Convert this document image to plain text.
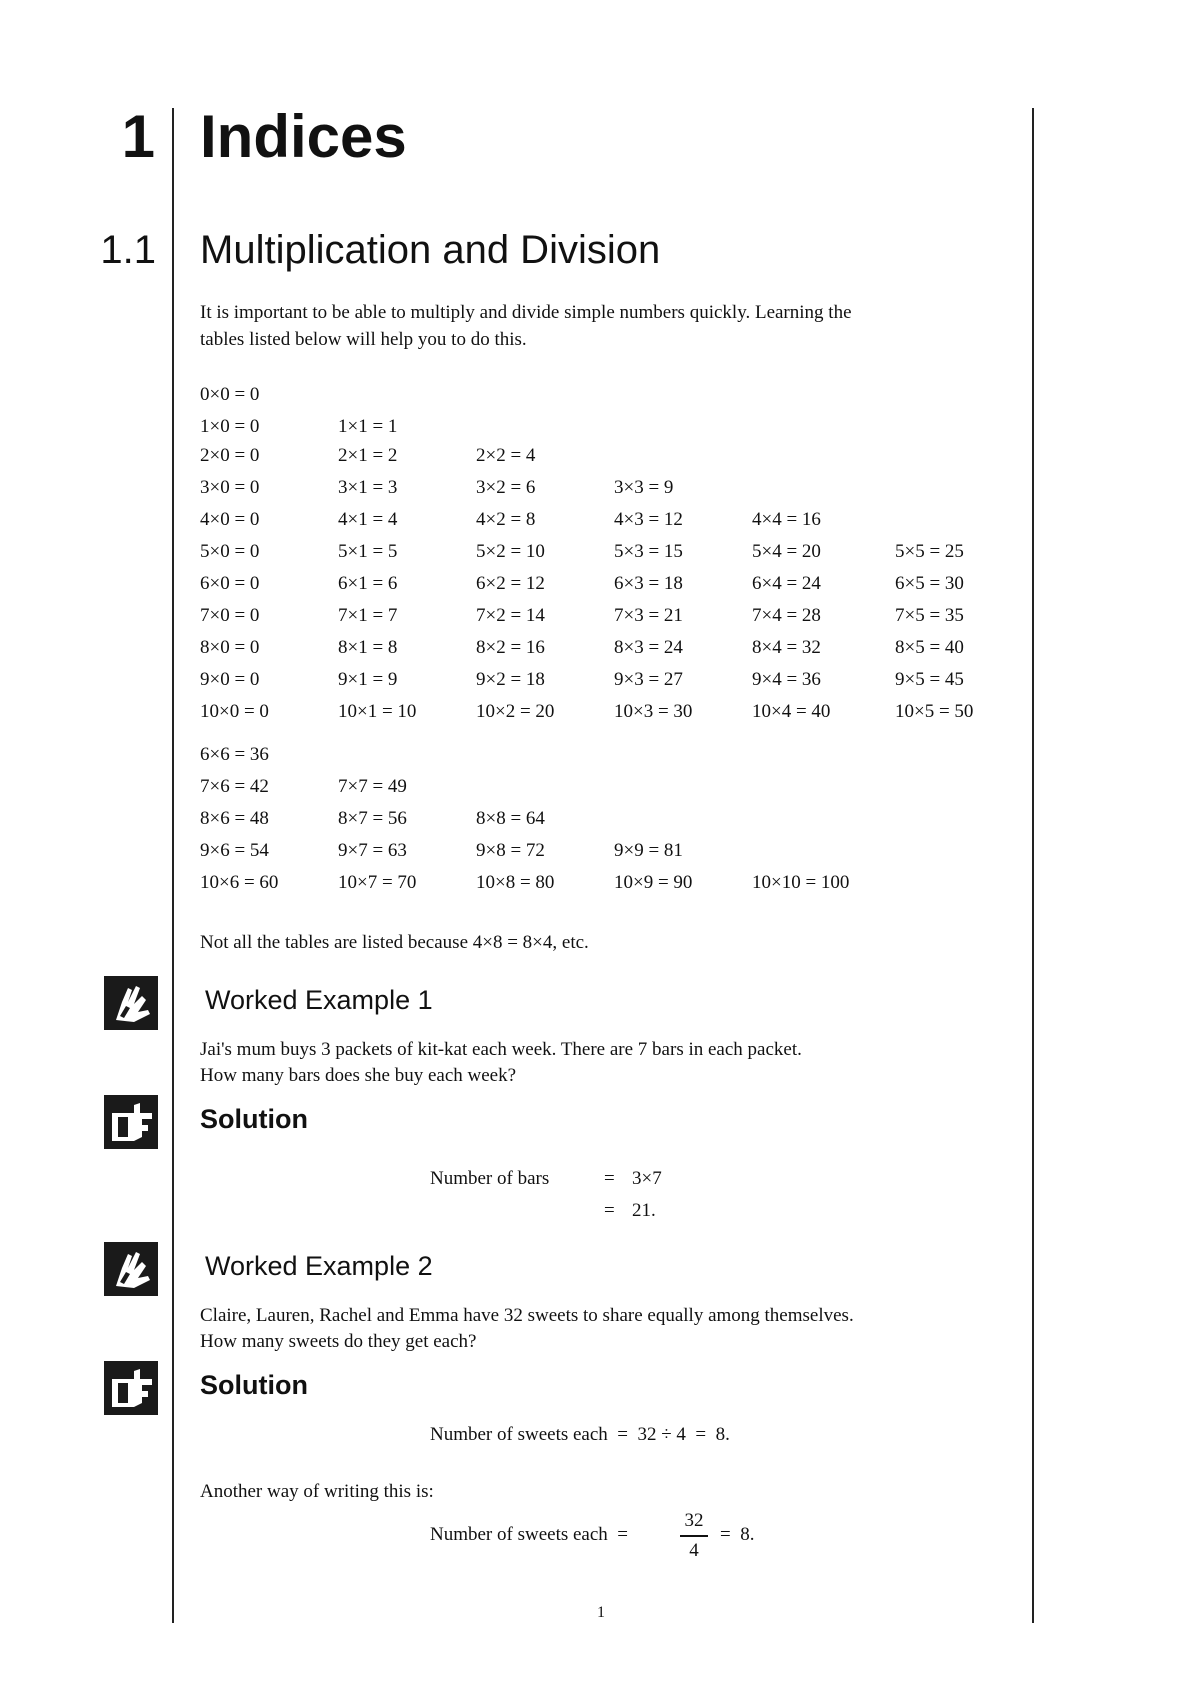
1 Indices
1.1 Multiplication and Division
It is important to be able to multiply and divide simple numbers quickly. Learning the
tables listed below will help you to do this.
0×0 = 0
1×0 = 0	1×1 = 1
2×0 = 0	2×1 = 2	2×2 = 4
3×0 = 0	3×1 = 3	3×2 = 6	3×3 = 9
4×0 = 0	4×1 = 4	4×2 = 8	4×3 = 12	4×4 = 16
5×0 = 0	5×1 = 5	5×2 = 10	5×3 = 15	5×4 = 20	5×5 = 25
6×0 = 0	6×1 = 6	6×2 = 12	6×3 = 18	6×4 = 24	6×5 = 30
7×0 = 0	7×1 = 7	7×2 = 14	7×3 = 21	7×4 = 28	7×5 = 35
8×0 = 0	8×1 = 8	8×2 = 16	8×3 = 24	8×4 = 32	8×5 = 40
9×0 = 0	9×1 = 9	9×2 = 18	9×3 = 27	9×4 = 36	9×5 = 45
10×0 = 0	10×1 = 10	10×2 = 20	10×3 = 30	10×4 = 40	10×5 = 50
6×6 = 36
7×6 = 42	7×7 = 49
8×6 = 48	8×7 = 56	8×8 = 64
9×6 = 54	9×7 = 63	9×8 = 72	9×9 = 81
10×6 = 60	10×7 = 70	10×8 = 80	10×9 = 90	10×10 = 100
Not all the tables are listed because 4×8 = 8×4, etc.
Worked Example 1
Jai's mum buys 3 packets of kit-kat each week. There are 7 bars in each packet.
How many bars does she buy each week?
Solution
Number of bars	= 3×7
= 21.
Worked Example 2
Claire, Lauren, Rachel and Emma have 32 sweets to share equally among themselves.
How many sweets do they get each?
Solution
Number of sweets each  =  32 ÷ 4  =  8.
Another way of writing this is:
Number of sweets each  =
32
4
=  8.
1
